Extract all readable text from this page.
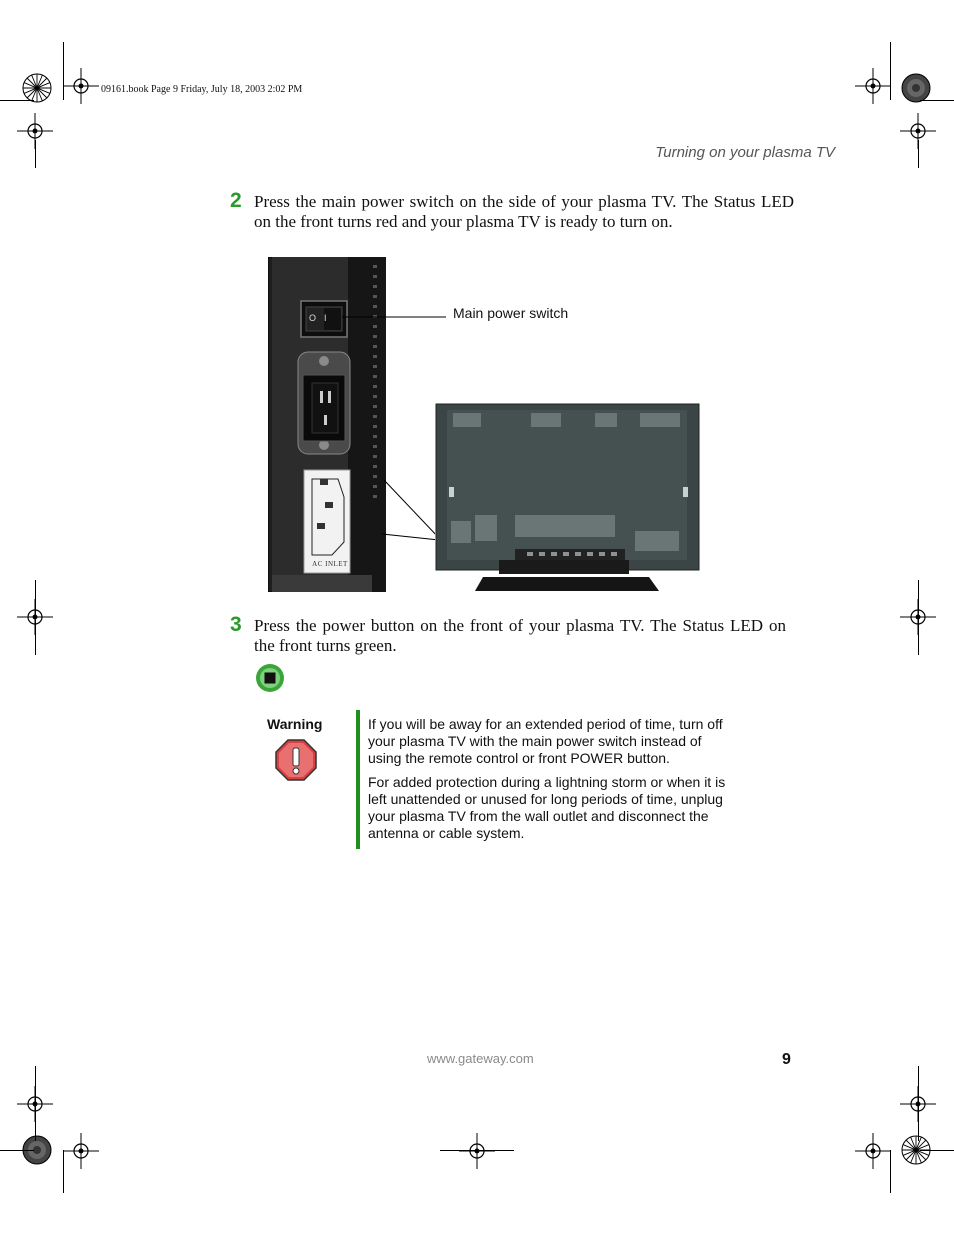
09161.book Page 9 Friday, July 18, 2003 2:02 PM
Turning on your plasma TV
2 Press the main power switch on the side of your plasma TV. The Status LED on the front turns red and your plasma TV is ready to turn on.
O I
AC INLET
Main power switch
3 Press the power button on the front of your plasma TV. The Status LED on the front turns green.
Warning	If you will be away for an extended period of time, turn off your plasma TV with the main power switch instead of using the remote control or front POWER button.

For added protection during a lightning storm or when it is left unattended or unused for long periods of time, unplug your plasma TV from the wall outlet and disconnect the antenna or cable system.

www.gateway.com	9
